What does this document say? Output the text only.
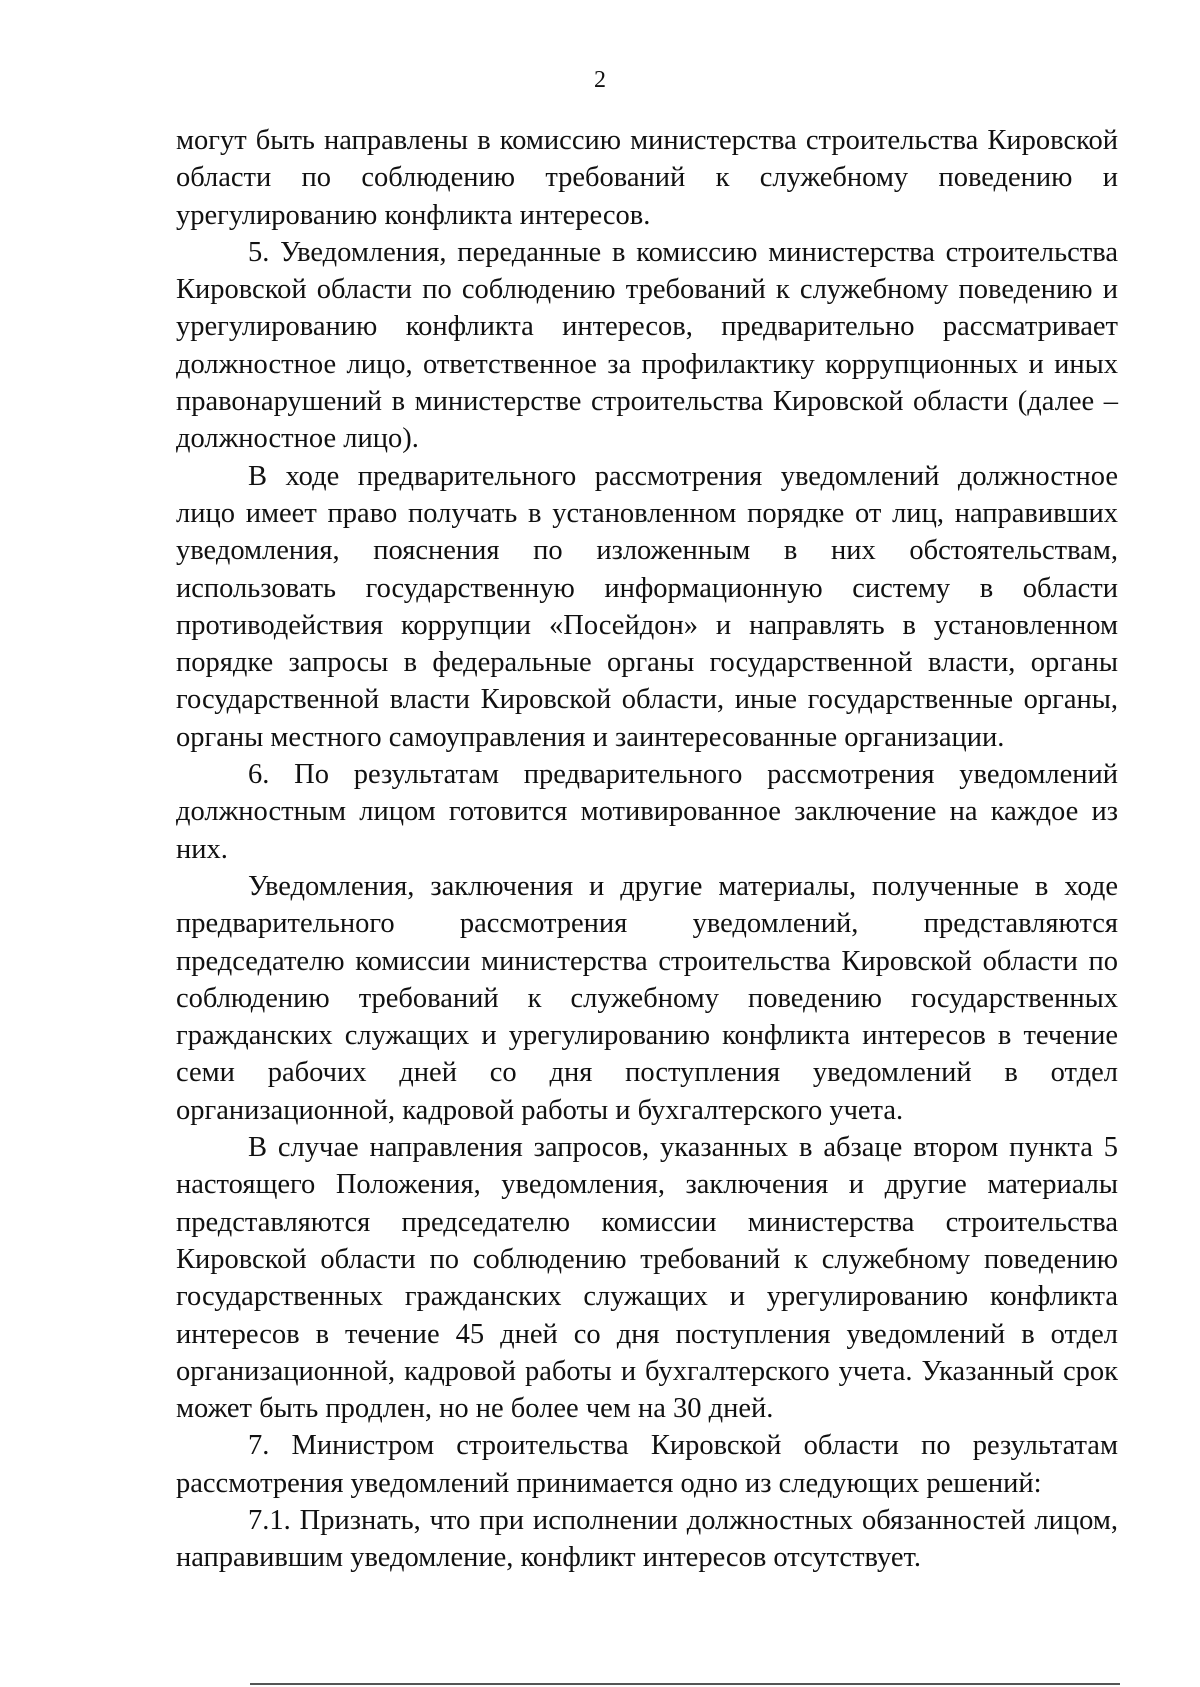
2

могут быть направлены в комиссию министерства строительства Кировской области по соблюдению требований к служебному поведению и урегулированию конфликта интересов.

5. Уведомления, переданные в комиссию министерства строительства Кировской области по соблюдению требований к служебному поведению и урегулированию конфликта интересов, предварительно рассматривает должностное лицо, ответственное за профилактику коррупционных и иных правонарушений в министерстве строительства Кировской области (далее – должностное лицо).

В ходе предварительного рассмотрения уведомлений должностное лицо имеет право получать в установленном порядке от лиц, направивших уведомления, пояснения по изложенным в них обстоятельствам, использовать государственную информационную систему в области противодействия коррупции «Посейдон» и направлять в установленном порядке запросы в федеральные органы государственной власти, органы государственной власти Кировской области, иные государственные органы, органы местного самоуправления и заинтересованные организации.

6. По результатам предварительного рассмотрения уведомлений должностным лицом готовится мотивированное заключение на каждое из них.

Уведомления, заключения и другие материалы, полученные в ходе предварительного рассмотрения уведомлений, представляются председателю комиссии министерства строительства Кировской области по соблюдению требований к служебному поведению государственных гражданских служащих и урегулированию конфликта интересов в течение семи рабочих дней со дня поступления уведомлений в отдел организационной, кадровой работы и бухгалтерского учета.

В случае направления запросов, указанных в абзаце втором пункта 5 настоящего Положения, уведомления, заключения и другие материалы представляются председателю комиссии министерства строительства Кировской области по соблюдению требований к служебному поведению государственных гражданских служащих и урегулированию конфликта интересов в течение 45 дней со дня поступления уведомлений в отдел организационной, кадровой работы и бухгалтерского учета. Указанный срок может быть продлен, но не более чем на 30 дней.

7. Министром строительства Кировской области по результатам рассмотрения уведомлений принимается одно из следующих решений:

7.1. Признать, что при исполнении должностных обязанностей лицом, направившим уведомление, конфликт интересов отсутствует.
